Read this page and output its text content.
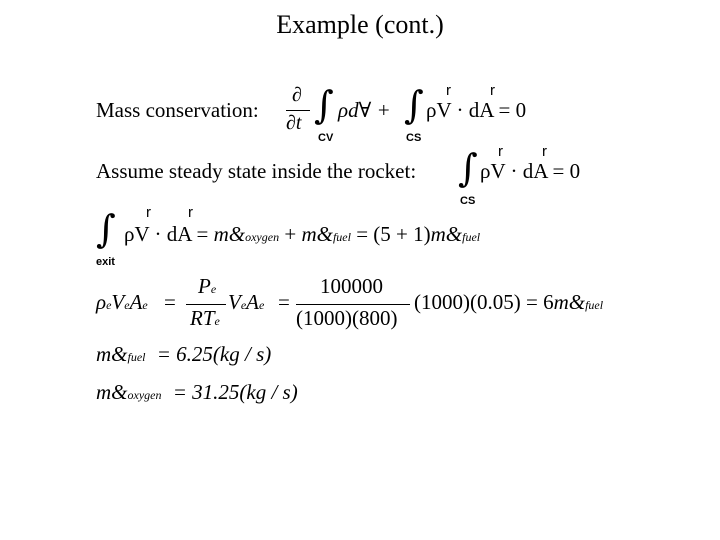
Example (cont.)
Mass conservation:
∂
∂t ∫
CV
ρd∀ + ∫
CS
r	r
ρV · dA = 0
Assume steady state inside the rocket: ∫
CS
r	r
ρV · dA = 0
∫
exit
r r
ρV · dA = m&oxygen + m&fuel = (5 + 1)m&fuel
ρeVeAe =
Pe
RTe
VeAe =
100000
(1000)(800)
(1000)(0.05) = 6m&fuel
m&fuel = 6.25(kg / s)
m&oxygen = 31.25(kg / s)
